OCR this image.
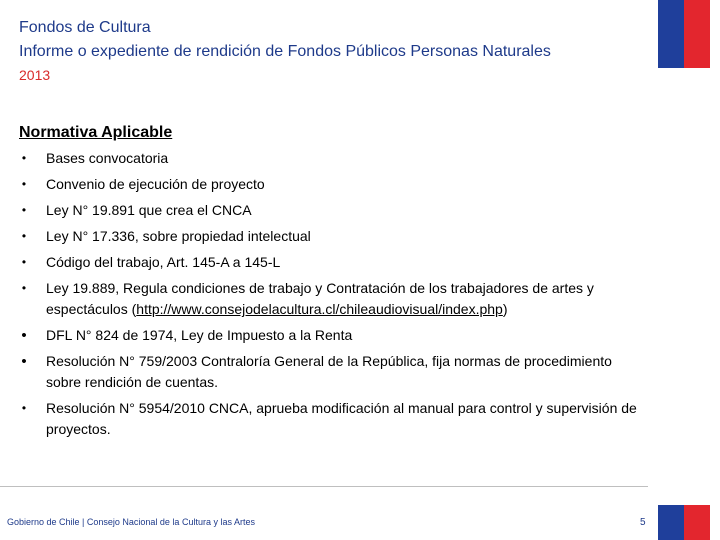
Fondos de Cultura
Informe o expediente de rendición de Fondos Públicos Personas Naturales
2013
Normativa Aplicable
•	Bases convocatoria
•	Convenio de ejecución de proyecto
•	Ley N° 19.891 que crea el CNCA
•	Ley N° 17.336, sobre propiedad intelectual
•	Código del trabajo, Art. 145-A a 145-L
•	Ley 19.889, Regula condiciones de trabajo y Contratación de los trabajadores de artes y espectáculos (http://www.consejodelacultura.cl/chileaudiovisual/index.php)
•	DFL N° 824 de 1974, Ley de Impuesto a la Renta
•	Resolución N° 759/2003 Contraloría General de la República, fija normas de procedimiento sobre rendición de cuentas.
•	Resolución N° 5954/2010 CNCA, aprueba modificación al manual para control y supervisión de proyectos.
Gobierno de Chile | Consejo Nacional de la Cultura y las Artes	5
